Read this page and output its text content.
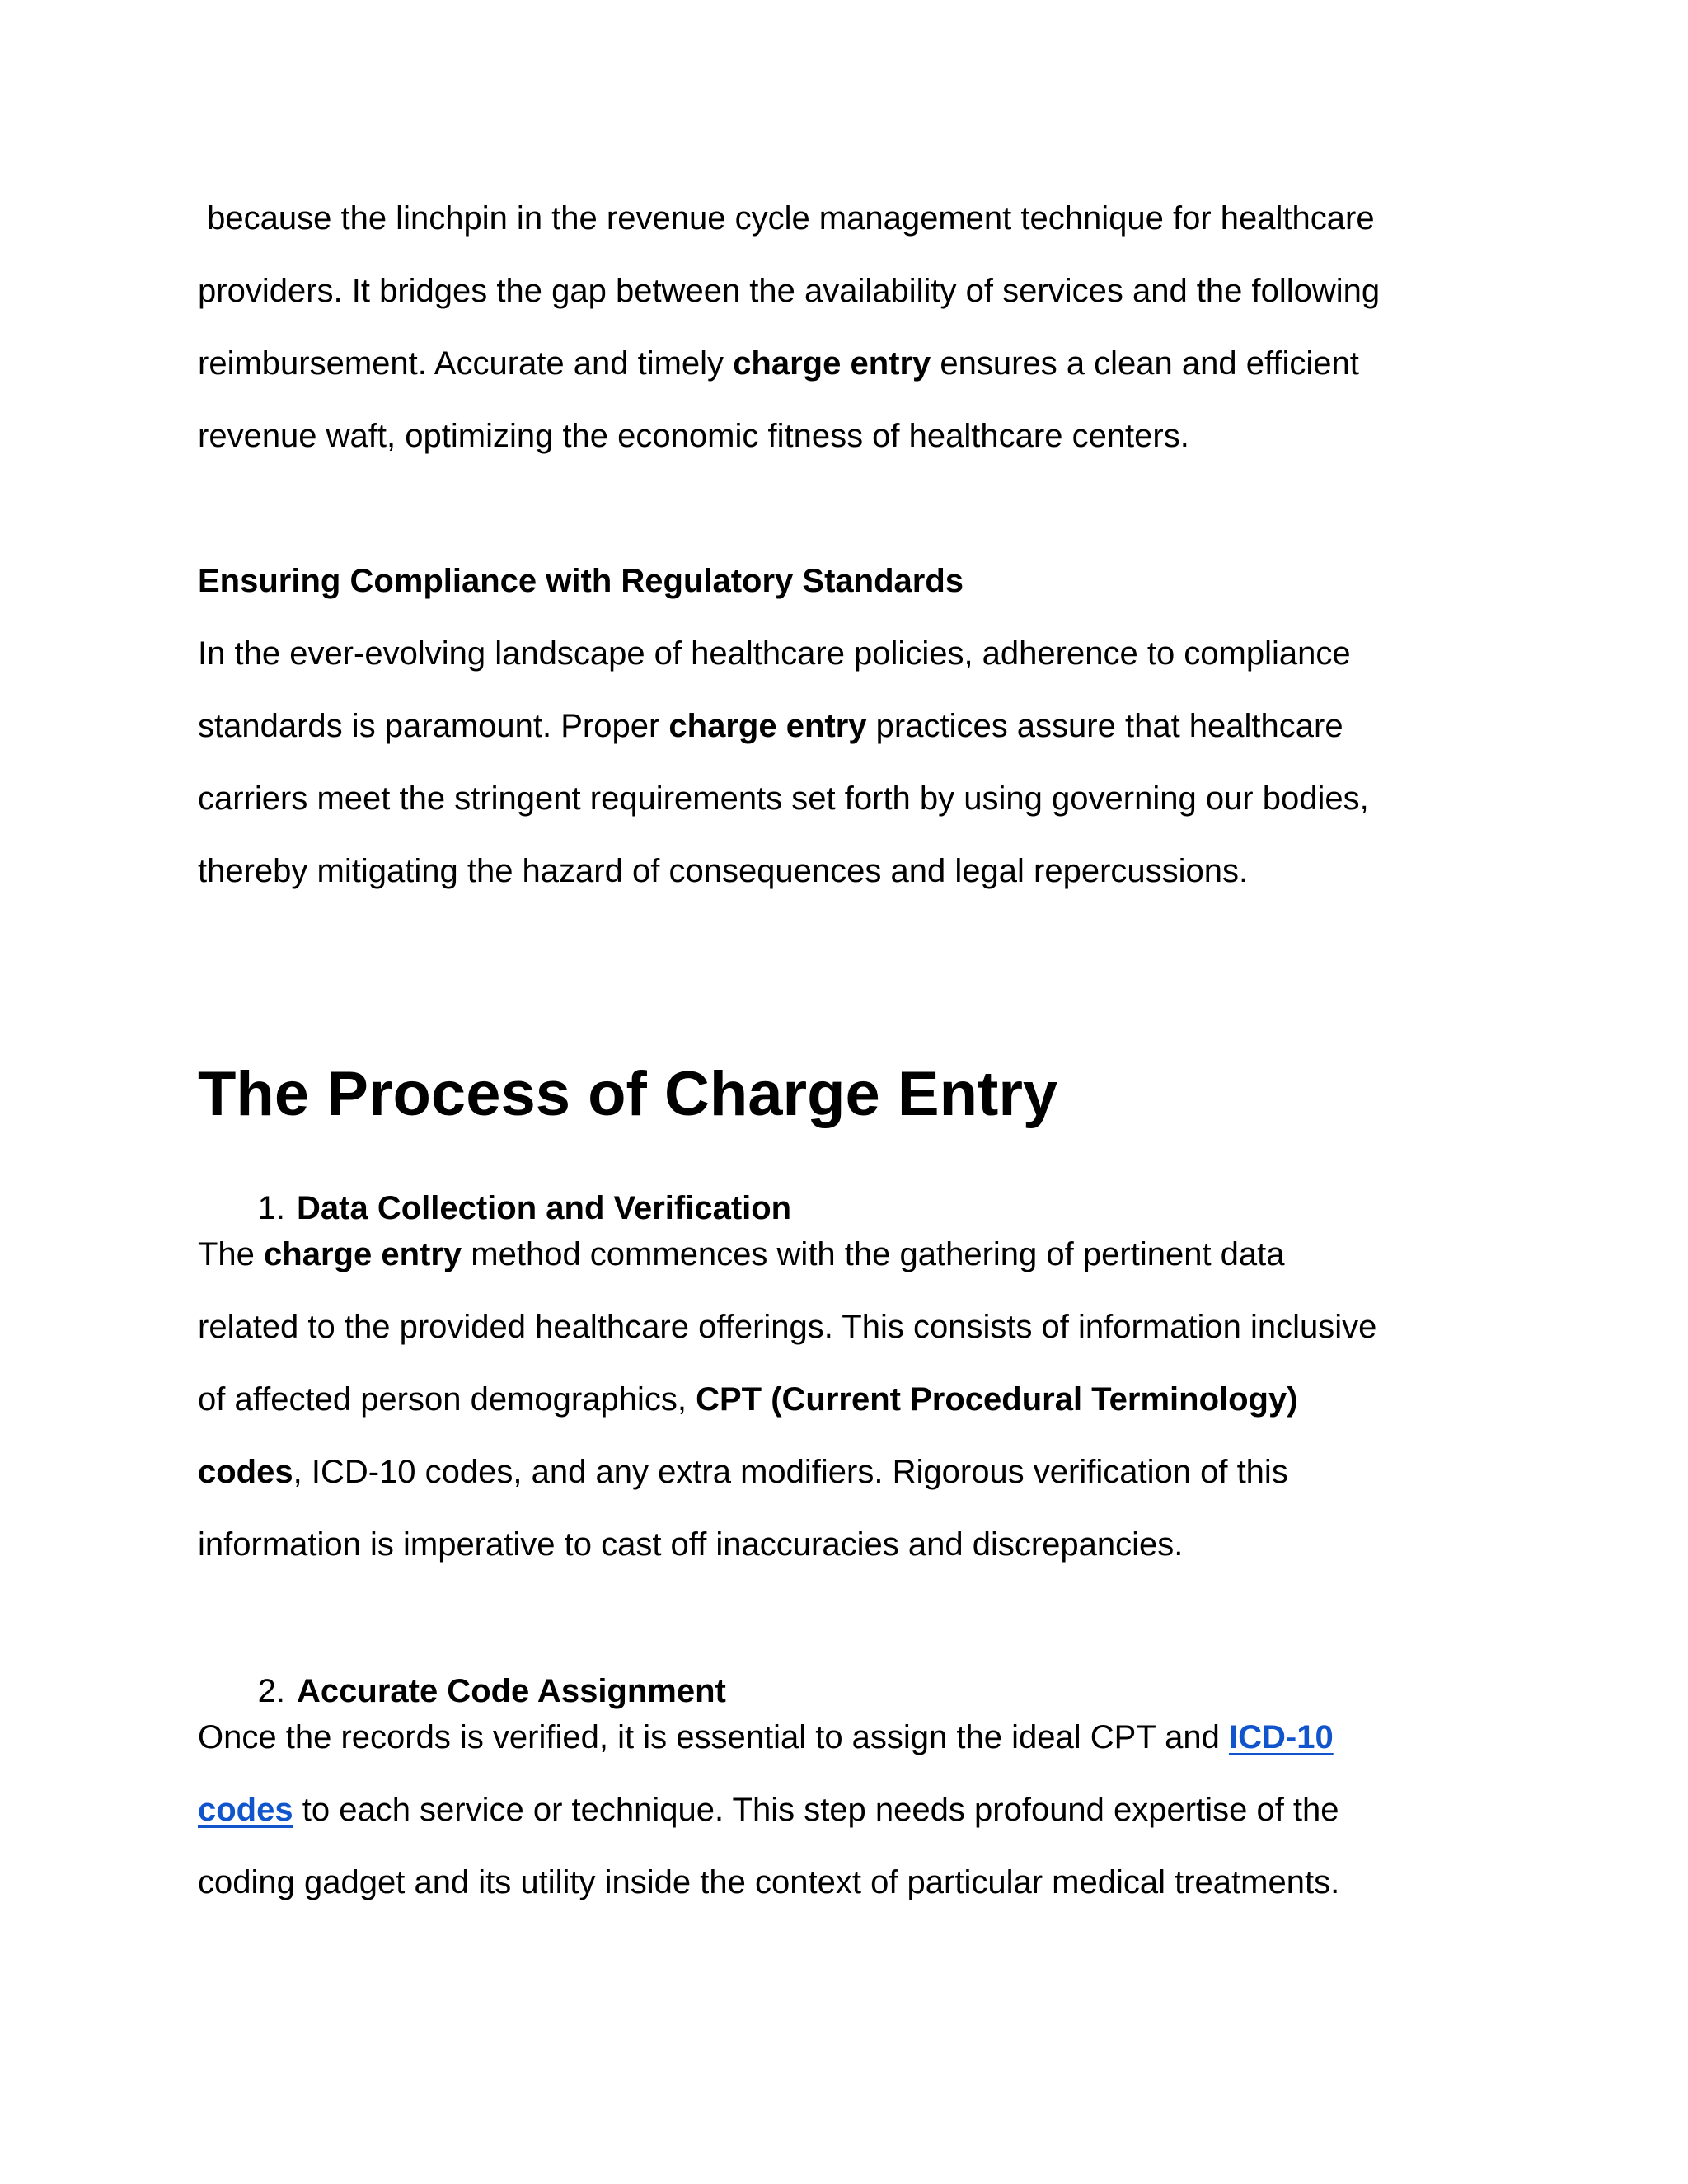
because the linchpin in the revenue cycle management technique for healthcare
providers. It bridges the gap between the availability of services and the following
reimbursement. Accurate and timely charge entry ensures a clean and efficient
revenue waft, optimizing the economic fitness of healthcare centers.
Ensuring Compliance with Regulatory Standards
In the ever-evolving landscape of healthcare policies, adherence to compliance
standards is paramount. Proper charge entry practices assure that healthcare
carriers meet the stringent requirements set forth by using governing our bodies,
thereby mitigating the hazard of consequences and legal repercussions.
The Process of Charge Entry
1. Data Collection and Verification
The charge entry method commences with the gathering of pertinent data
related to the provided healthcare offerings. This consists of information inclusive
of affected person demographics, CPT (Current Procedural Terminology)
codes, ICD-10 codes, and any extra modifiers. Rigorous verification of this
information is imperative to cast off inaccuracies and discrepancies.
2. Accurate Code Assignment
Once the records is verified, it is essential to assign the ideal CPT and ICD-10
codes to each service or technique. This step needs profound expertise of the
coding gadget and its utility inside the context of particular medical treatments.
